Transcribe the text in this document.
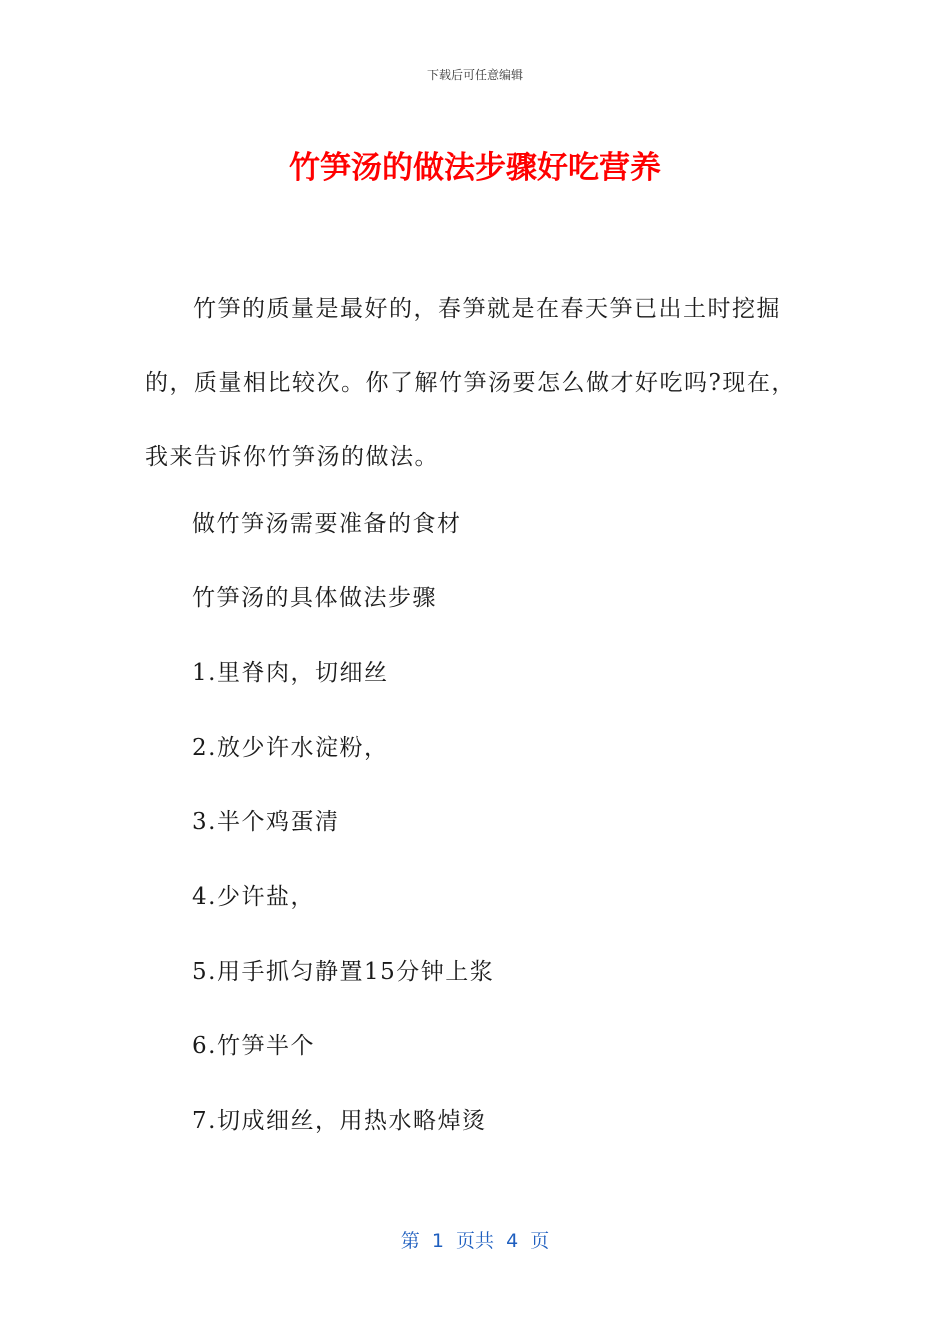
下载后可任意编辑
竹笋汤的做法步骤好吃营养

竹笋的质量是最好的，春笋就是在春天笋已出土时挖掘的，质量相比较次。你了解竹笋汤要怎么做才好吃吗?现在，我来告诉你竹笋汤的做法。

做竹笋汤需要准备的食材

竹笋汤的具体做法步骤

1.里脊肉，切细丝

2.放少许水淀粉，

3.半个鸡蛋清

4.少许盐，

5.用手抓匀静置15分钟上浆

6.竹笋半个

7.切成细丝，用热水略焯烫

第  1  页共  4  页
